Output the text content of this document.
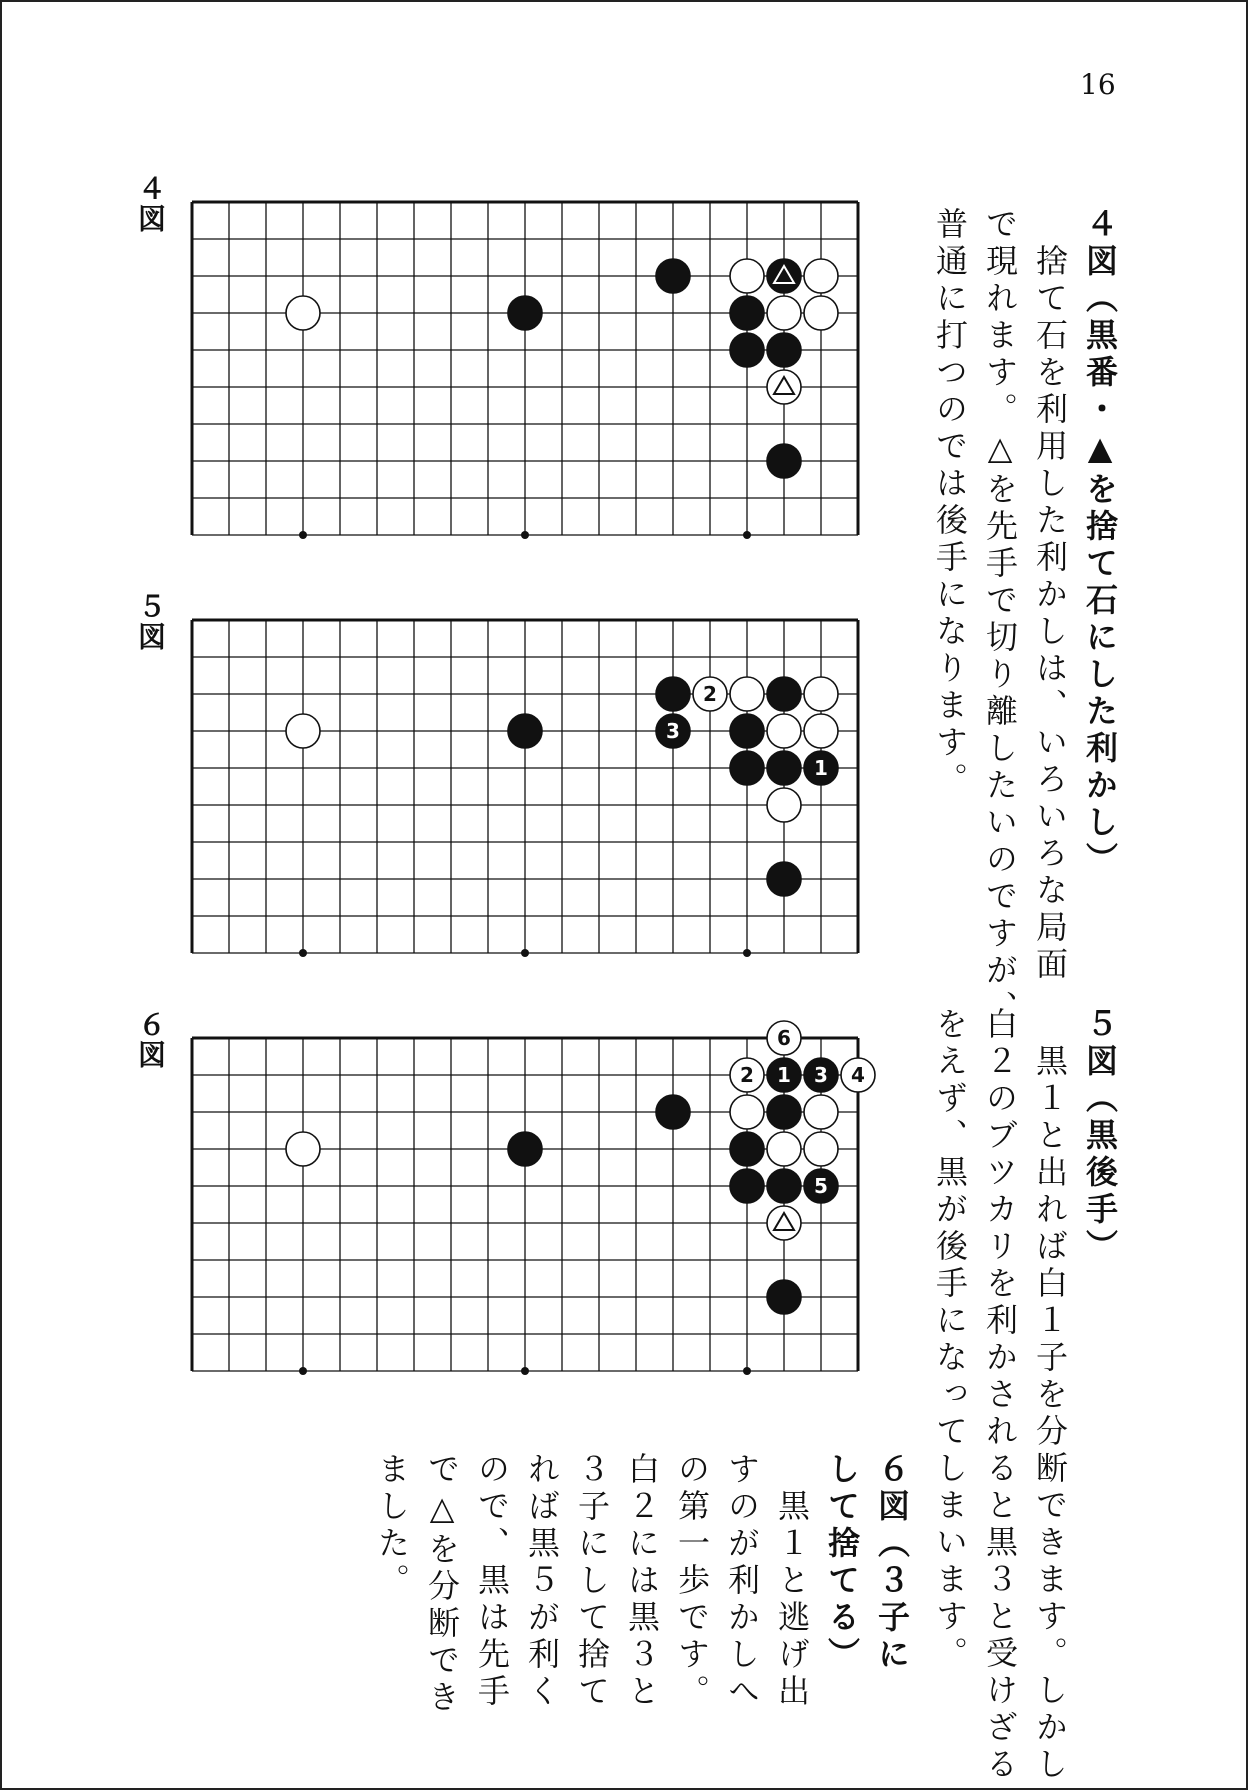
16
４図（黒番・▲を捨て石にした利かし）
　捨て石を利用した利かしは、いろいろな局面
で現れます。△を先手で切り離したいのですが、
普通に打つのでは後手になります。
５図（黒後手）
　黒１と出れば白１子を分断できます。しかし
白２のブツカリを利かされると黒３と受けざる
をえず、黒が後手になってしまいます。
６図（３子に
して捨てる）
　黒１と逃げ出
すのが利かしへ
の第一歩です。
白２には黒３と
３子にして捨て
れば黒５が利く
ので、黒は先手
で△を分断でき
ました。
４図
５図
６図
2
3
1
6
2 1 3 4
5
